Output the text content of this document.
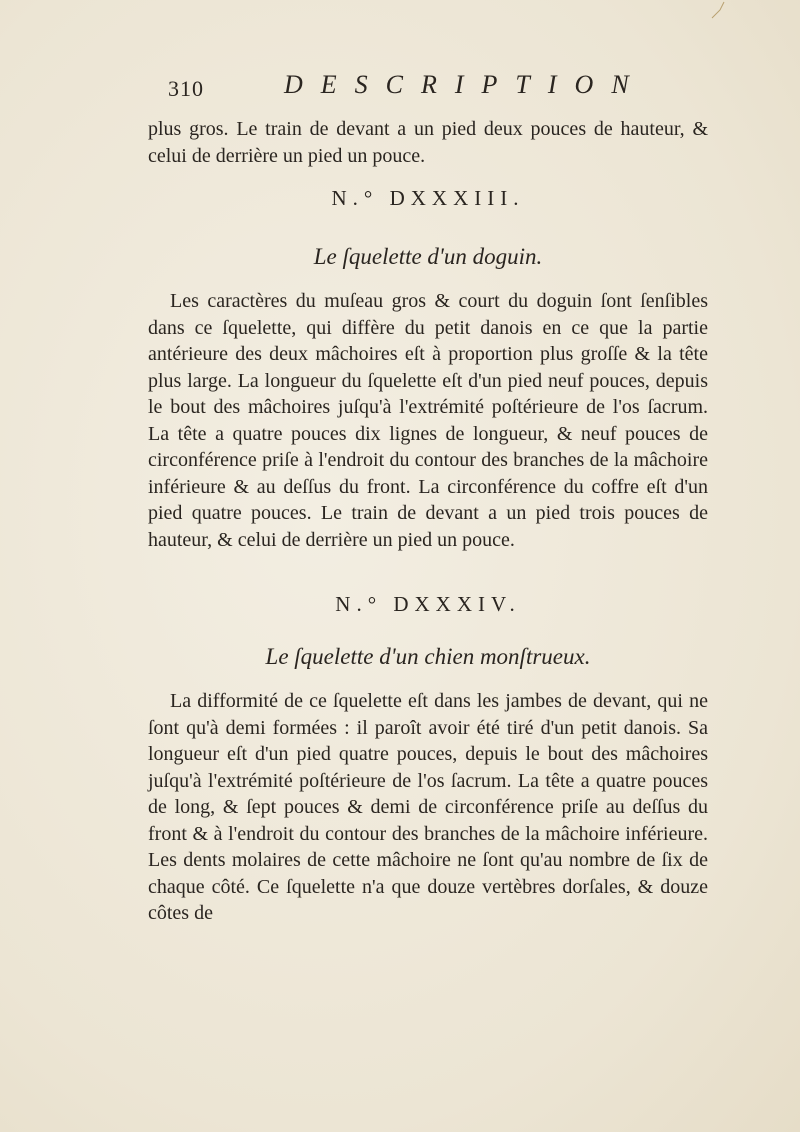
310	DESCRIPTION

plus gros. Le train de devant a un pied deux pouces de hauteur, & celui de derrière un pied un pouce.

N.° DXXXIII.
Le ſquelette d'un doguin.

Les caractères du muſeau gros & court du doguin ſont ſenſibles dans ce ſquelette, qui diffère du petit danois en ce que la partie antérieure des deux mâchoires eſt à proportion plus groſſe & la tête plus large. La longueur du ſquelette eſt d'un pied neuf pouces, depuis le bout des mâchoires juſqu'à l'extrémité poſtérieure de l'os ſacrum. La tête a quatre pouces dix lignes de longueur, & neuf pouces de circonférence priſe à l'endroit du contour des branches de la mâchoire inférieure & au deſſus du front. La circonférence du coffre eſt d'un pied quatre pouces. Le train de devant a un pied trois pouces de hauteur, & celui de derrière un pied un pouce.

N.° DXXXIV.
Le ſquelette d'un chien monſtrueux.

La difformité de ce ſquelette eſt dans les jambes de devant, qui ne ſont qu'à demi formées : il paroît avoir été tiré d'un petit danois. Sa longueur eſt d'un pied quatre pouces, depuis le bout des mâchoires juſqu'à l'extrémité poſtérieure de l'os ſacrum. La tête a quatre pouces de long, & ſept pouces & demi de circonférence priſe au deſſus du front & à l'endroit du contour des branches de la mâchoire inférieure. Les dents molaires de cette mâchoire ne ſont qu'au nombre de ſix de chaque côté. Ce ſquelette n'a que douze vertèbres dorſales, & douze côtes de
